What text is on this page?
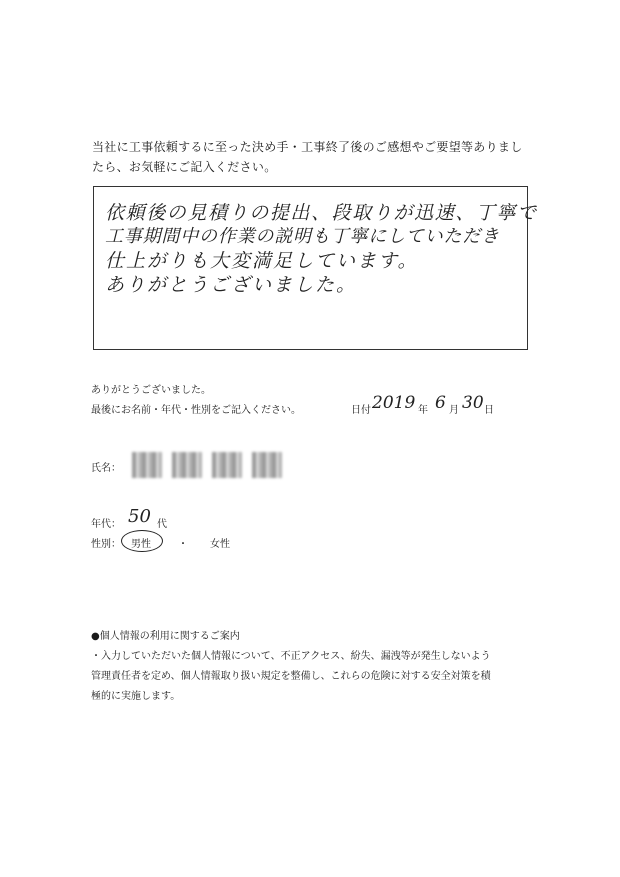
当社に工事依頼するに至った決め手・工事終了後のご感想やご要望等ありまし
たら、お気軽にご記入ください。
依頼後の見積りの提出、段取りが迅速、丁寧で
工事期間中の作業の説明も丁寧にしていただき
仕上がりも大変満足しています。
ありがとうございました。
ありがとうございました。
最後にお名前・年代・性別をご記入ください。	日付 2019 年 6 月 30 日
氏名：
年代： 50 代
性別： 男性	・ 女性
●個人情報の利用に関するご案内
・入力していただいた個人情報について、不正アクセス、紛失、漏洩等が発生しないよう
管理責任者を定め、個人情報取り扱い規定を整備し、これらの危険に対する安全対策を積
極的に実施します。
